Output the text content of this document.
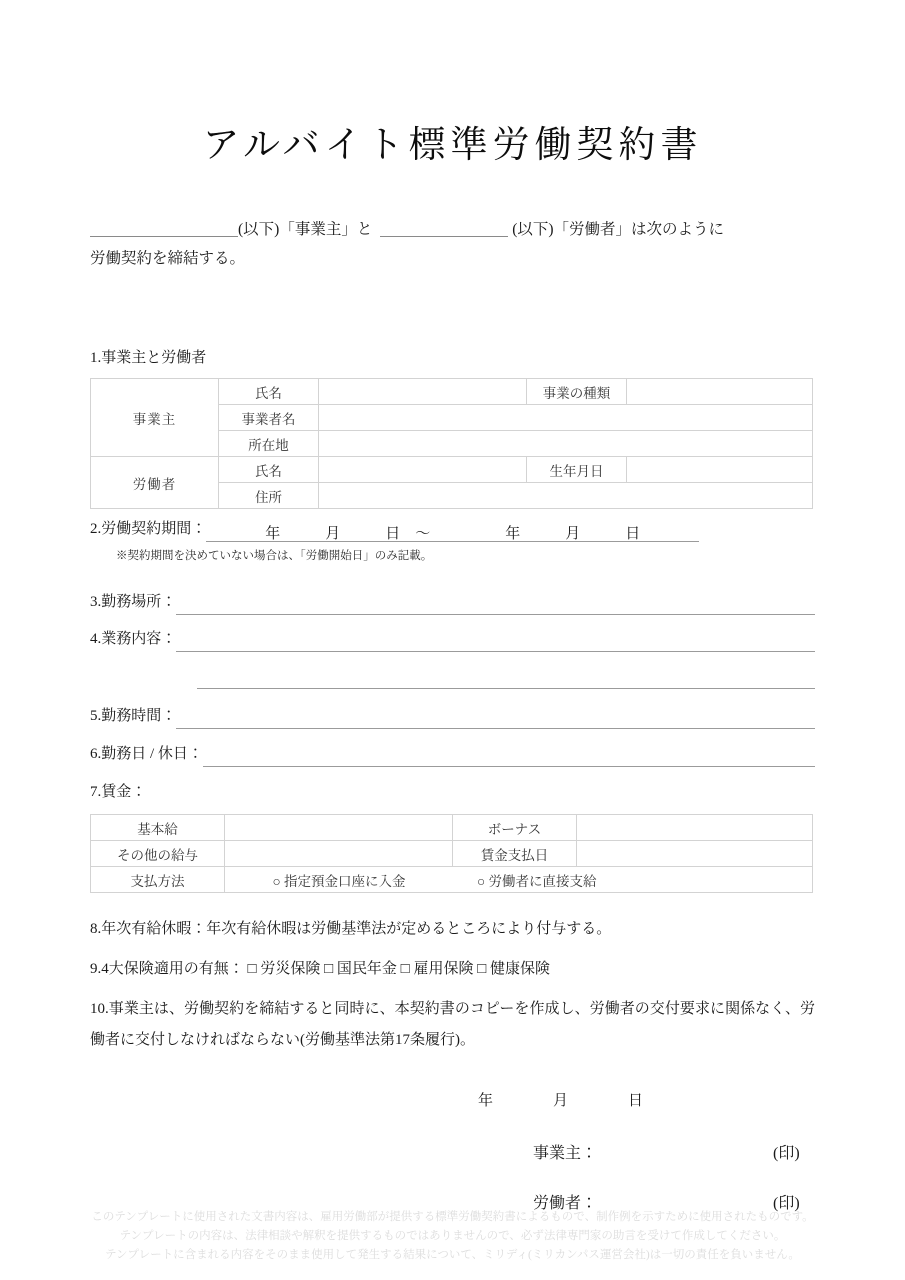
アルバイト標準労働契約書

(以下)「事業主」と	(以下)「労働者」は次のように
労働契約を締結する。

1.事業主と労働者

事業主	氏名		事業の種類	
	事業者名			
	所在地			
労働者	氏名		生年月日	
	住所			
2.労働契約期間：	年　　　月　　　日　～　　　　　年　　　月　　　日

※契約期間を決めていない場合は、「労働開始日」のみ記載。

3.勤務場所：
4.業務内容：

5.勤務時間：
6.勤務日 / 休日：

7.賃金：

基本給		ボーナス	
その他の給与		賃金支払日	
支払方法	○ 指定預金口座に入金 ○ 労働者に直接支給		

8.年次有給休暇：年次有給休暇は労働基準法が定めるところにより付与する。

9.4大保険適用の有無： □ 労災保険 □ 国民年金 □ 雇用保険 □ 健康保険

10.事業主は、労働契約を締結すると同時に、本契約書のコピーを作成し、労働者の交付要求に関係なく、労働者に交付しなければならない(労働基準法第17条履行)。

年　　　　月　　　　日
事業主：	(印)
労働者：	(印)
このテンプレートに使用された文書内容は、雇用労働部が提供する標準労働契約書によるもので、制作例を示すために使用されたものです。
テンプレートの内容は、法律相談や解釈を提供するものではありませんので、必ず法律専門家の助言を受けて作成してください。
テンプレートに含まれる内容をそのまま使用して発生する結果について、ミリディ(ミリカンパス運営会社)は一切の責任を負いません。
